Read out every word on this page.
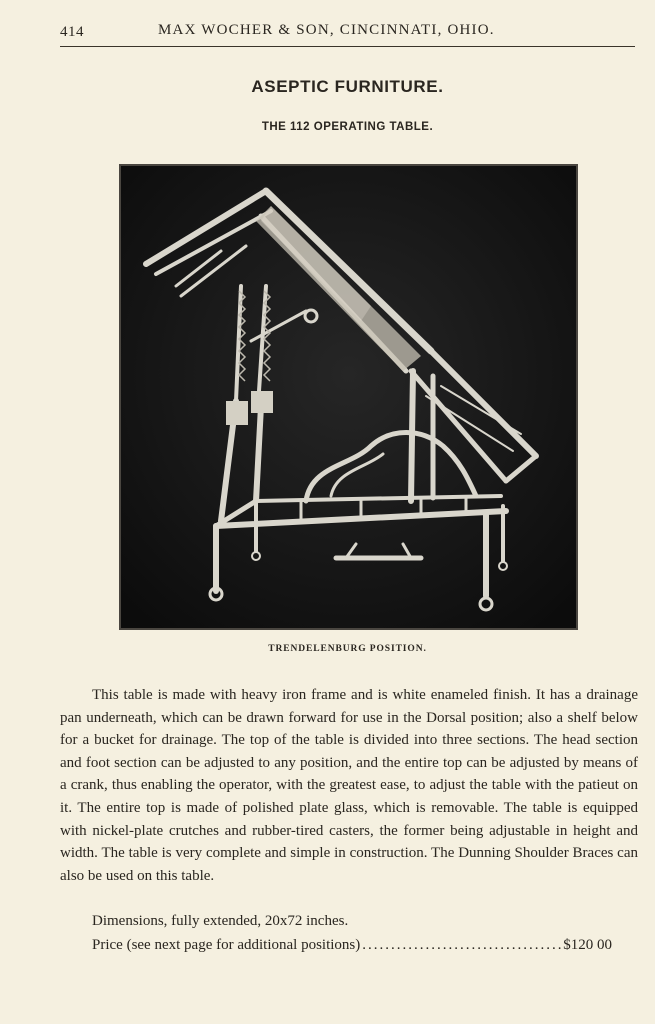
414	MAX WOCHER & SON, CINCINNATI, OHIO.
ASEPTIC FURNITURE.
THE 112 OPERATING TABLE.
TRENDELENBURG POSITION.

This table is made with heavy iron frame and is white enameled finish. It has a drainage pan underneath, which can be drawn forward for use in the Dorsal position; also a shelf below for a bucket for drainage. The top of the table is divided into three sections. The head section and foot section can be adjusted to any position, and the entire top can be adjusted by means of a crank, thus enabling the operator, with the greatest ease, to adjust the table with the patieut on it. The entire top is made of polished plate glass, which is removable. The table is equipped with nickel-plate crutches and rubber-tired casters, the former being adjustable in height and width. The table is very complete and simple in construction. The Dunning Shoulder Braces can also be used on this table.

Dimensions, fully extended, 20x72 inches.
Price (see next page for additional positions)
.....	$120 00
